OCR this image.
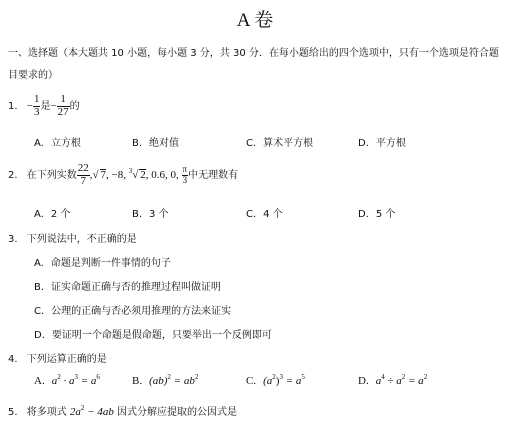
A 卷
一、选择题（本大题共 10 小题，每小题 3 分，共 30 分．在每小题给出的四个选项中，只有一个选项是符合题
目要求的）
1. − $\frac{1}{3}$ 是− $\frac{1}{27}$ 的
A. 立方根	B. 绝对值	C. 算术平方根	D. 平方根
2. 在下列实数 $\frac{22}{7}$ ,√ 7, −8, $^3$√ 2, 0.6, 0, $\frac{\pi}{3}$ 中无理数有
A. 2 个	B. 3 个	C. 4 个	D. 5 个
3. 下列说法中，不正确的是
A. 命题是判断一件事情的句子
B. 证实命题正确与否的推理过程叫做证明
C. 公理的正确与否必须用推理的方法来证实
D. 要证明一个命题是假命题，只要举出一个反例即可
4. 下列运算正确的是
A. $a^2 \cdot a^3 = a^6$	B. $(ab)^2 = ab^2$	C. $(a^2)^3 = a^5$	D. $a^4 \div a^2 = a^2$
5. 将多项式 $2a^2 - 4ab$ 因式分解应提取的公因式是
